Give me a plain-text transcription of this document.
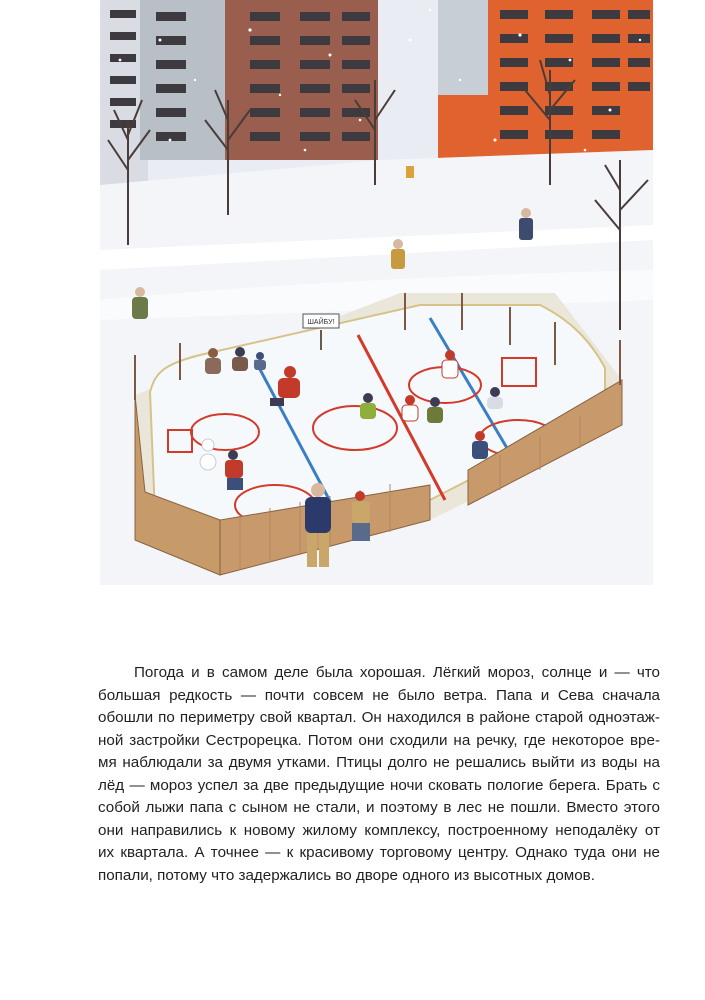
ШАЙБУ!
Погода и в самом деле была хорошая. Лёгкий мороз, солнце и — что
большая редкость — почти совсем не было ветра. Папа и Сева сначала
обошли по периметру свой квартал. Он находился в районе старой одноэтаж-
ной застройки Сестрорецка. Потом они сходили на речку, где некоторое вре-
мя наблюдали за двумя утками. Птицы долго не решались выйти из воды на
лёд — мороз успел за две предыдущие ночи сковать пологие берега. Брать с
собой лыжи папа с сыном не стали, и поэтому в лес не пошли. Вместо этого
они направились к новому жилому комплексу, построенному неподалёку от
их квартала. А точнее — к красивому торговому центру. Однако туда они не
попали, потому что задержались во дворе одного из высотных домов.
